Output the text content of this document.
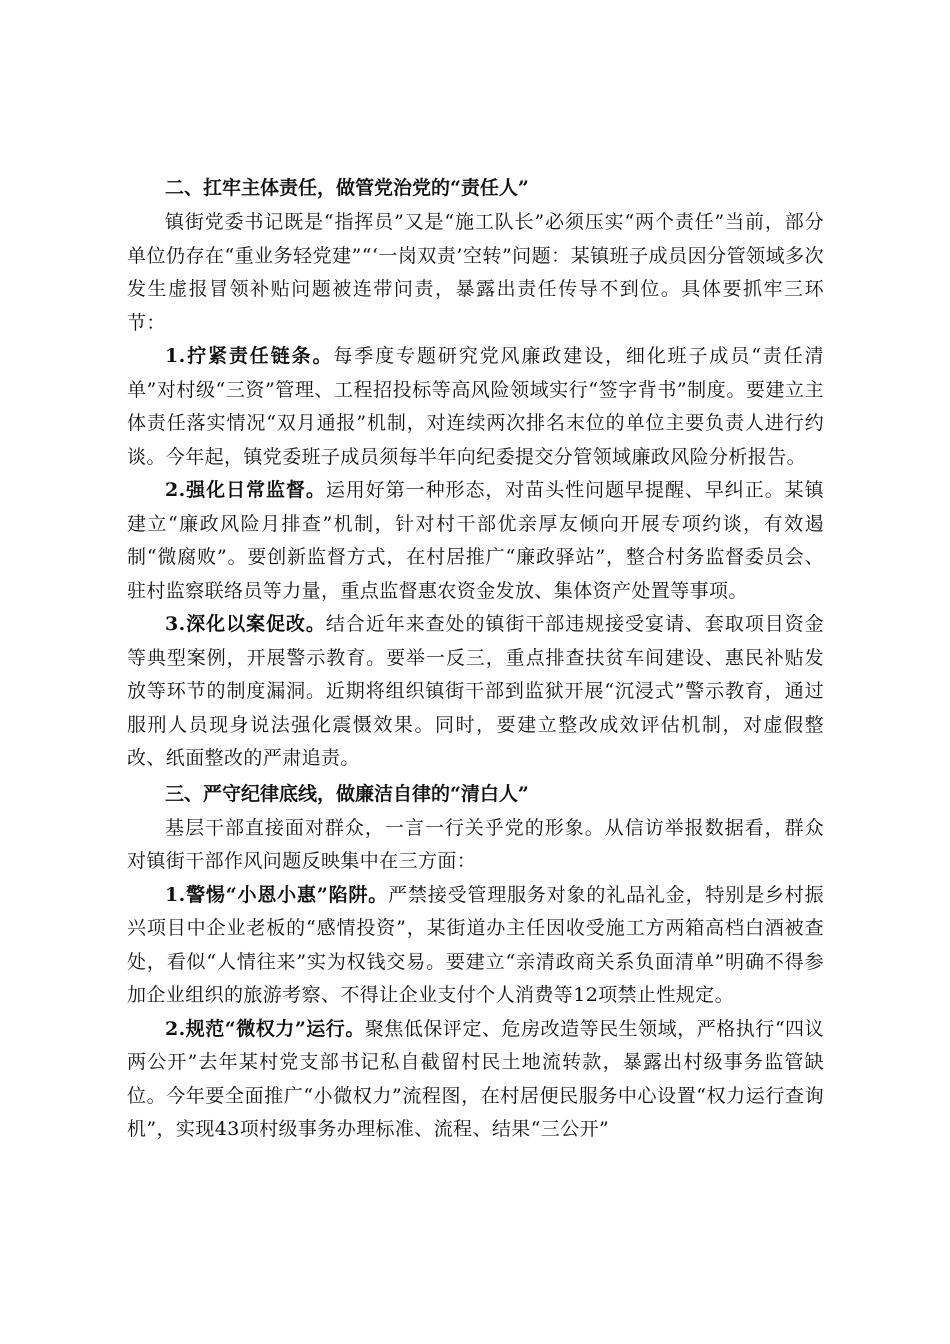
二、扛牢主体责任，做管党治党的“责任人”

镇街党委书记既是“指挥员”又是“施工队长”必须压实“两个责任”当前，部分单位仍存在“重业务轻党建”“‘一岗双责’空转”问题：某镇班子成员因分管领域多次发生虚报冒领补贴问题被连带问责，暴露出责任传导不到位。具体要抓牢三环节：

1.拧紧责任链条。每季度专题研究党风廉政建设，细化班子成员“责任清单”对村级“三资”管理、工程招投标等高风险领域实行“签字背书”制度。要建立主体责任落实情况“双月通报”机制，对连续两次排名末位的单位主要负责人进行约谈。今年起，镇党委班子成员须每半年向纪委提交分管领域廉政风险分析报告。

2.强化日常监督。运用好第一种形态，对苗头性问题早提醒、早纠正。某镇建立“廉政风险月排查”机制，针对村干部优亲厚友倾向开展专项约谈，有效遏制“微腐败”。要创新监督方式，在村居推广“廉政驿站”，整合村务监督委员会、驻村监察联络员等力量，重点监督惠农资金发放、集体资产处置等事项。

3.深化以案促改。结合近年来查处的镇街干部违规接受宴请、套取项目资金等典型案例，开展警示教育。要举一反三，重点排查扶贫车间建设、惠民补贴发放等环节的制度漏洞。近期将组织镇街干部到监狱开展“沉浸式”警示教育，通过服刑人员现身说法强化震慑效果。同时，要建立整改成效评估机制，对虚假整改、纸面整改的严肃追责。

三、严守纪律底线，做廉洁自律的“清白人”

基层干部直接面对群众，一言一行关乎党的形象。从信访举报数据看，群众对镇街干部作风问题反映集中在三方面：

1.警惕“小恩小惠”陷阱。严禁接受管理服务对象的礼品礼金，特别是乡村振兴项目中企业老板的“感情投资”，某街道办主任因收受施工方两箱高档白酒被查处，看似“人情往来”实为权钱交易。要建立“亲清政商关系负面清单”明确不得参加企业组织的旅游考察、不得让企业支付个人消费等12项禁止性规定。

2.规范“微权力”运行。聚焦低保评定、危房改造等民生领域，严格执行“四议两公开”去年某村党支部书记私自截留村民土地流转款，暴露出村级事务监管缺位。今年要全面推广“小微权力”流程图，在村居便民服务中心设置“权力运行查询机”，实现43项村级事务办理标准、流程、结果“三公开”
